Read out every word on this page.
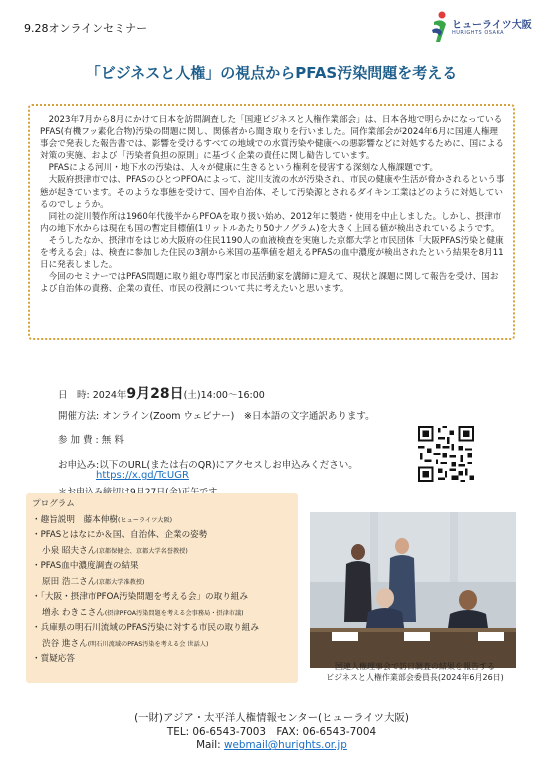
9.28オンラインセミナー	ヒューライツ大阪
HURIGHTS OSAKA
「ビジネスと人権」の視点からPFAS汚染問題を考える

2023年7月から8月にかけて日本を訪問調査した「国連ビジネスと人権作業部会」は、日本各地で明らかになっているPFAS(有機フッ素化合物)汚染の問題に関し、関係者から聞き取りを行いました。同作業部会が2024年6月に国連人権理事会で発表した報告書では、影響を受けるすべての地域での水質汚染や健康への悪影響などに対処するために、国による対策の実施、および「汚染者負担の原則」に基づく企業の責任に関し勧告しています。

PFASによる河川・地下水の汚染は、人々が健康に生きるという権利を侵害する深刻な人権課題です。

大阪府摂津市では、PFASのひとつPFOAによって、淀川支流の水が汚染され、市民の健康や生活が脅かされるという事態が起きています。そのような事態を受けて、国や自治体、そして汚染源とされるダイキン工業はどのように対処しているのでしょうか。

同社の淀川製作所は1960年代後半からPFOAを取り扱い始め、2012年に製造・使用を中止しました。しかし、摂津市内の地下水からは現在も国の暫定目標値(1リットルあたり50ナノグラム)を大きく上回る値が検出されているようです。

そうしたなか、摂津市をはじめ大阪府の住民1190人の血液検査を実施した京都大学と市民団体「大阪PFAS汚染と健康を考える会」は、検査に参加した住民の3割から米国の基準値を超えるPFASの血中濃度が検出されたという結果を8月11日に発表しました。

今回のセミナーではPFAS問題に取り組む専門家と市民活動家を講師に迎えて、現状と課題に関して報告を受け、国および自治体の責務、企業の責任、市民の役割について共に考えたいと思います。

日　時: 2024年9月28日(土)14:00～16:00
開催方法: オンライン(Zoom ウェビナー)　※日本語の文字通訳あります。
参 加 費 : 無 料
お申込み:以下のURL(または右のQR)にアクセスしお申込みください。
https://x.gd/TcUGR
プログラム
・趣旨説明　藤本伸樹(ヒューライツ大阪)
・PFASとはなにか＆国、自治体、企業の姿勢
小泉 昭夫さん(京都保健会、京都大学名誉教授)
・PFAS血中濃度調査の結果
原田 浩二さん(京都大学准教授)
・「大阪・摂津市PFOA汚染問題を考える会」の取り組み
増永 わきこさん(摂津PFOA汚染問題を考える会事務局・摂津市議)
・兵庫県の明石川流域のPFAS汚染に対する市民の取り組み
渋谷 進さん(明石川流域のPFAS汚染を考える会 世話人)
・質疑応答
国連人権理事会で訪日調査の結果を報告する
ビジネスと人権作業部会委員長(2024年6月26日)
(一財)アジア・太平洋人権情報センター(ヒューライツ大阪)
TEL: 06-6543-7003　FAX: 06-6543-7004
Mail: webmail@hurights.or.jp
